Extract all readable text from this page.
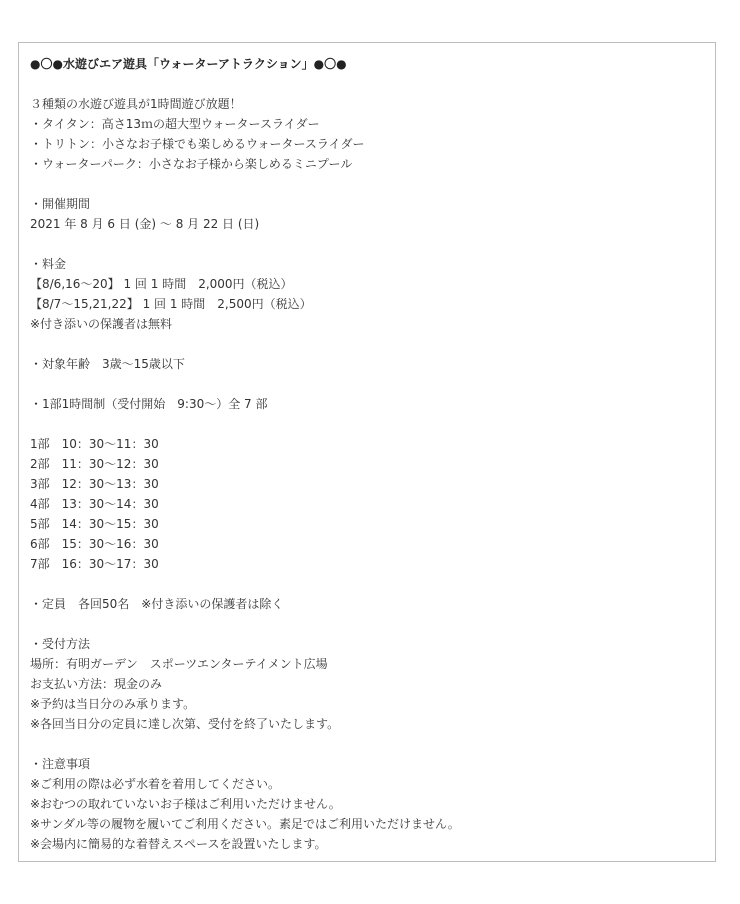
●〇●水遊びエア遊具「ウォーターアトラクション」●〇●
３種類の水遊び遊具が1時間遊び放題！
・タイタン：高さ13ｍの超大型ウォータースライダー
・トリトン：小さなお子様でも楽しめるウォータースライダー
・ウォーターパーク：小さなお子様から楽しめるミニプール
・開催期間
2021 年 8 月 6 日 (金) 〜 8 月 22 日 (日)
・料金
【8/6,16〜20】 1 回 1 時間　2,000円（税込）
【8/7〜15,21,22】 1 回 1 時間　2,500円（税込）
※付き添いの保護者は無料
・対象年齢　3歳〜15歳以下
・1部1時間制（受付開始　9:30〜）全 7 部
1部　10：30〜11：30
2部　11：30〜12：30
3部　12：30〜13：30
4部　13：30〜14：30
5部　14：30〜15：30
6部　15：30〜16：30
7部　16：30〜17：30
・定員　各回50名　※付き添いの保護者は除く
・受付方法
場所：有明ガーデン　スポーツエンターテイメント広場
お支払い方法：現金のみ
※予約は当日分のみ承ります。
※各回当日分の定員に達し次第、受付を終了いたします。
・注意事項
※ご利用の際は必ず水着を着用してください。
※おむつの取れていないお子様はご利用いただけません。
※サンダル等の履物を履いてご利用ください。素足ではご利用いただけません。
※会場内に簡易的な着替えスペースを設置いたします。
